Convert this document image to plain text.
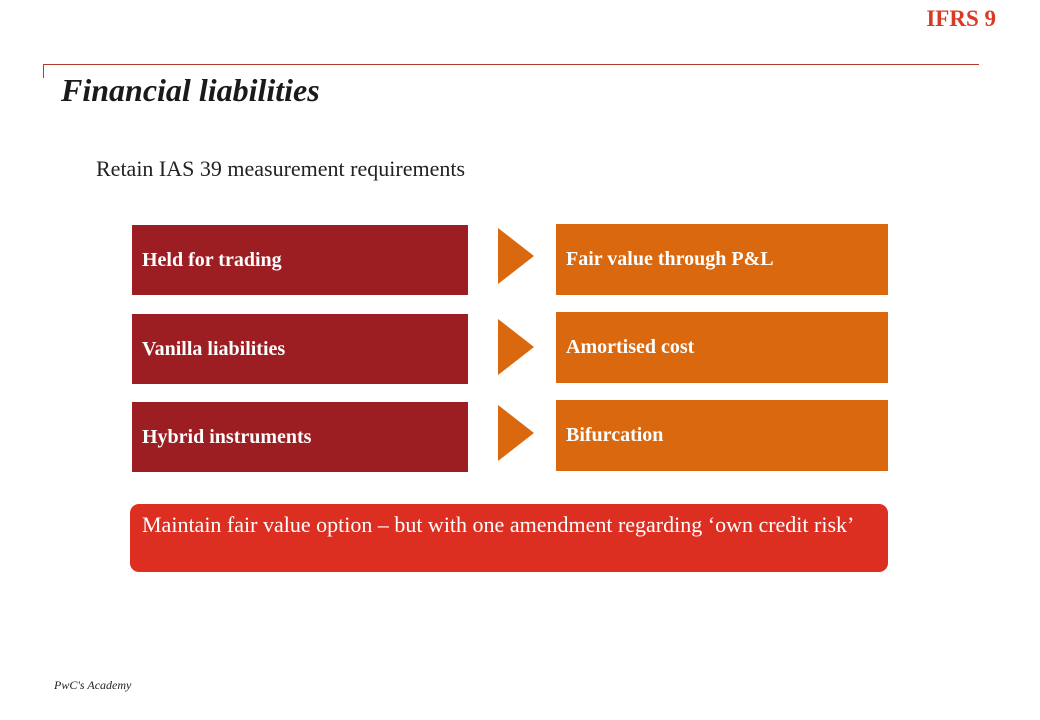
IFRS 9
Financial liabilities
Retain IAS 39 measurement requirements
Held for trading	Fair value through P&L
Vanilla liabilities	Amortised cost
Hybrid instruments	Bifurcation
Maintain fair value option – but with one amendment regarding ‘own credit risk’
PwC's Academy
